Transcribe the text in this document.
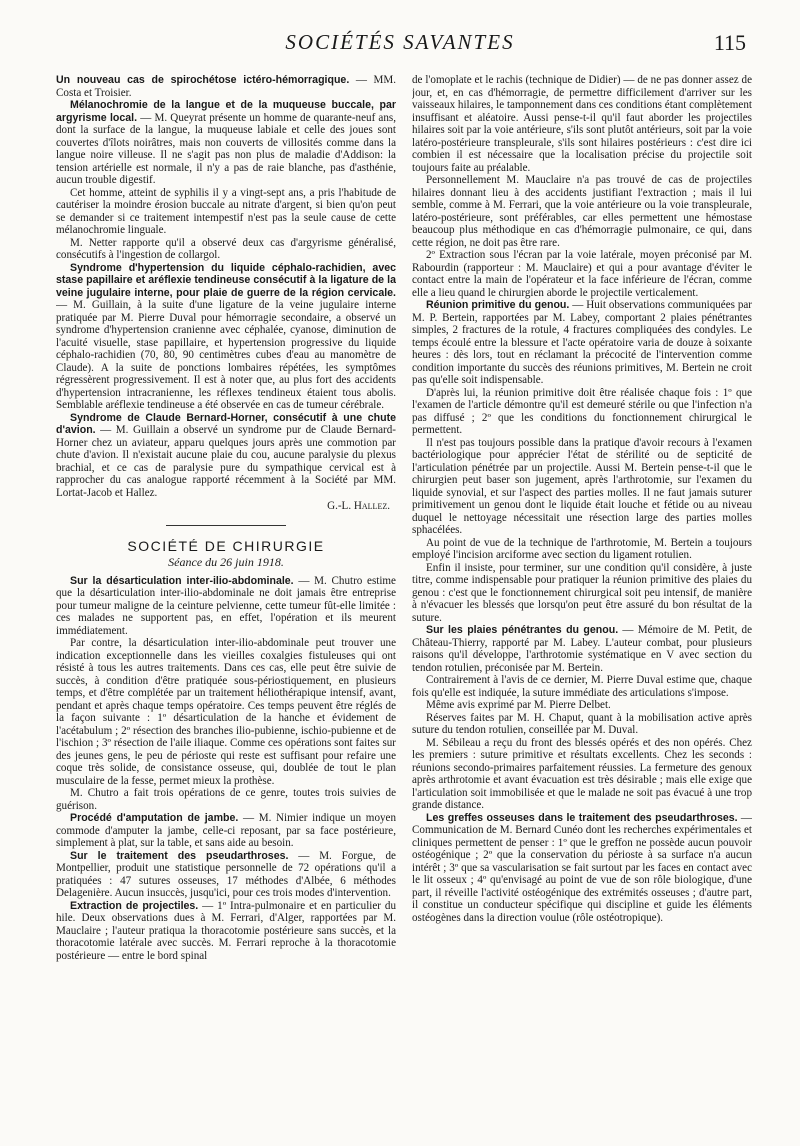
SOCIÉTÉS SAVANTES	115

Un nouveau cas de spirochétose ictéro-hémorragique. — MM. Costa et Troisier.

Mélanochromie de la langue et de la muqueuse buccale, par argyrisme local. — M. Queyrat présente un homme de quarante-neuf ans, dont la surface de la langue, la muqueuse labiale et celle des joues sont couvertes d'îlots noirâtres, mais non couverts de villosités comme dans la langue noire villeuse. Il ne s'agit pas non plus de maladie d'Addison: la tension artérielle est normale, il n'y a pas de raie blanche, pas d'asthénie, aucun trouble digestif.

Cet homme, atteint de syphilis il y a vingt-sept ans, a pris l'habitude de cautériser la moindre érosion buccale au nitrate d'argent, si bien qu'on peut se demander si ce traitement intempestif n'est pas la seule cause de cette mélanochromie linguale.

M. Netter rapporte qu'il a observé deux cas d'argyrisme généralisé, consécutifs à l'ingestion de collargol.

Syndrome d'hypertension du liquide céphalo-rachidien, avec stase papillaire et aréflexie tendineuse consécutif à la ligature de la veine jugulaire interne, pour plaie de guerre de la région cervicale. — M. Guillain, à la suite d'une ligature de la veine jugulaire interne pratiquée par M. Pierre Duval pour hémorragie secondaire, a observé un syndrome d'hypertension cranienne avec céphalée, cyanose, diminution de l'acuité visuelle, stase papillaire, et hypertension progressive du liquide céphalo-rachidien (70, 80, 90 centimètres cubes d'eau au manomètre de Claude). A la suite de ponctions lombaires répétées, les symptômes régressèrent progressivement. Il est à noter que, au plus fort des accidents d'hypertension intracranienne, les réflexes tendineux étaient tous abolis. Semblable aréflexie tendineuse a été observée en cas de tumeur cérébrale.

Syndrome de Claude Bernard-Horner, consécutif à une chute d'avion. — M. Guillain a observé un syndrome pur de Claude Bernard-Horner chez un aviateur, apparu quelques jours après une commotion par chute d'avion. Il n'existait aucune plaie du cou, aucune paralysie du plexus brachial, et ce cas de paralysie pure du sympathique cervical est à rapprocher du cas analogue rapporté récemment à la Société par MM. Lortat-Jacob et Hallez.

G.-L. Hallez.
SOCIÉTÉ DE CHIRURGIE
Séance du 26 juin 1918.

Sur la désarticulation inter-ilio-abdominale. — M. Chutro estime que la désarticulation inter-ilio-abdominale ne doit jamais être entreprise pour tumeur maligne de la ceinture pelvienne, cette tumeur fût-elle limitée : ces malades ne supportent pas, en effet, l'opération et ils meurent immédiatement.

Par contre, la désarticulation inter-ilio-abdominale peut trouver une indication exceptionnelle dans les vieilles coxalgies fistuleuses qui ont résisté à tous les autres traitements. Dans ces cas, elle peut être suivie de succès, à condition d'être pratiquée sous-périostiquement, en plusieurs temps, et d'être complétée par un traitement héliothérapique intensif, avant, pendant et après chaque temps opératoire. Ces temps peuvent être réglés de la façon suivante : 1º désarticulation de la hanche et évidement de l'acétabulum ; 2º résection des branches ilio-pubienne, ischio-pubienne et de l'ischion ; 3º résection de l'aile iliaque. Comme ces opérations sont faites sur des jeunes gens, le peu de périoste qui reste est suffisant pour refaire une coque très solide, de consistance osseuse, qui, doublée de tout le plan musculaire de la fesse, permet mieux la prothèse.

M. Chutro a fait trois opérations de ce genre, toutes trois suivies de guérison.

Procédé d'amputation de jambe. — M. Nimier indique un moyen commode d'amputer la jambe, celle-ci reposant, par sa face postérieure, simplement à plat, sur la table, et sans aide au besoin.

Sur le traitement des pseudarthroses. — M. Forgue, de Montpellier, produit une statistique personnelle de 72 opérations qu'il a pratiquées : 47 sutures osseuses, 17 méthodes d'Albée, 6 méthodes Delagenière. Aucun insuccès, jusqu'ici, pour ces trois modes d'intervention.

Extraction de projectiles. — 1º Intra-pulmonaire et en particulier du hile. Deux observations dues à M. Ferrari, d'Alger, rapportées par M. Mauclaire ; l'auteur pratiqua la thoracotomie postérieure sans succès, et la thoracotomie latérale avec succès. M. Ferrari reproche à la thoracotomie postérieure — entre le bord spinal

de l'omoplate et le rachis (technique de Didier) — de ne pas donner assez de jour, et, en cas d'hémorragie, de permettre difficilement d'arriver sur les vaisseaux hilaires, le tamponnement dans ces conditions étant complètement insuffisant et aléatoire. Aussi pense-t-il qu'il faut aborder les projectiles hilaires soit par la voie antérieure, s'ils sont plutôt antérieurs, soit par la voie latéro-postérieure transpleurale, s'ils sont hilaires postérieurs : c'est dire ici combien il est nécessaire que la localisation précise du projectile soit toujours faite au préalable.

Personnellement M. Mauclaire n'a pas trouvé de cas de projectiles hilaires donnant lieu à des accidents justifiant l'extraction ; mais il lui semble, comme à M. Ferrari, que la voie antérieure ou la voie transpleurale, latéro-postérieure, sont préférables, car elles permettent une hémostase beaucoup plus méthodique en cas d'hémorragie pulmonaire, ce qui, dans cette région, ne doit pas être rare.

2º Extraction sous l'écran par la voie latérale, moyen préconisé par M. Rabourdin (rapporteur : M. Mauclaire) et qui a pour avantage d'éviter le contact entre la main de l'opérateur et la face inférieure de l'écran, comme elle a lieu quand le chirurgien aborde le projectile verticalement.

Réunion primitive du genou. — Huit observations communiquées par M. P. Bertein, rapportées par M. Labey, comportant 2 plaies pénétrantes simples, 2 fractures de la rotule, 4 fractures compliquées des condyles. Le temps écoulé entre la blessure et l'acte opératoire varia de douze à soixante heures : dès lors, tout en réclamant la précocité de l'intervention comme condition importante du succès des réunions primitives, M. Bertein ne croit pas qu'elle soit indispensable.

D'après lui, la réunion primitive doit être réalisée chaque fois : 1º que l'examen de l'article démontre qu'il est demeuré stérile ou que l'infection n'a pas diffusé ; 2º que les conditions du fonctionnement chirurgical le permettent.

Il n'est pas toujours possible dans la pratique d'avoir recours à l'examen bactériologique pour apprécier l'état de stérilité ou de septicité de l'articulation pénétrée par un projectile. Aussi M. Bertein pense-t-il que le chirurgien peut baser son jugement, après l'arthrotomie, sur l'examen du liquide synovial, et sur l'aspect des parties molles. Il ne faut jamais suturer primitivement un genou dont le liquide était louche et fétide ou au niveau duquel le nettoyage nécessitait une résection large des parties molles sphacélées.

Au point de vue de la technique de l'arthrotomie, M. Bertein a toujours employé l'incision arciforme avec section du ligament rotulien.

Enfin il insiste, pour terminer, sur une condition qu'il considère, à juste titre, comme indispensable pour pratiquer la réunion primitive des plaies du genou : c'est que le fonctionnement chirurgical soit peu intensif, de manière à n'évacuer les blessés que lorsqu'on peut être assuré du bon résultat de la suture.

Sur les plaies pénétrantes du genou. — Mémoire de M. Petit, de Château-Thierry, rapporté par M. Labey. L'auteur combat, pour plusieurs raisons qu'il développe, l'arthrotomie systématique en V avec section du tendon rotulien, préconisée par M. Bertein.

Contrairement à l'avis de ce dernier, M. Pierre Duval estime que, chaque fois qu'elle est indiquée, la suture immédiate des articulations s'impose.

Même avis exprimé par M. Pierre Delbet.

Réserves faites par M. H. Chaput, quant à la mobilisation active après suture du tendon rotulien, conseillée par M. Duval.

M. Sébileau a reçu du front des blessés opérés et des non opérés. Chez les premiers : suture primitive et résultats excellents. Chez les seconds : réunions secondo-primaires parfaitement réussies. La fermeture des genoux après arthrotomie et avant évacuation est très désirable ; mais elle exige que l'articulation soit immobilisée et que le malade ne soit pas évacué à une trop grande distance.

Les greffes osseuses dans le traitement des pseudarthroses. — Communication de M. Bernard Cunéo dont les recherches expérimentales et cliniques permettent de penser : 1º que le greffon ne possède aucun pouvoir ostéogénique ; 2º que la conservation du périoste à sa surface n'a aucun intérêt ; 3º que sa vascularisation se fait surtout par les faces en contact avec le lit osseux ; 4º qu'envisagé au point de vue de son rôle biologique, d'une part, il réveille l'activité ostéogénique des extrémités osseuses ; d'autre part, il constitue un conducteur spécifique qui discipline et guide les éléments ostéogènes dans la direction voulue (rôle ostéotropique).
